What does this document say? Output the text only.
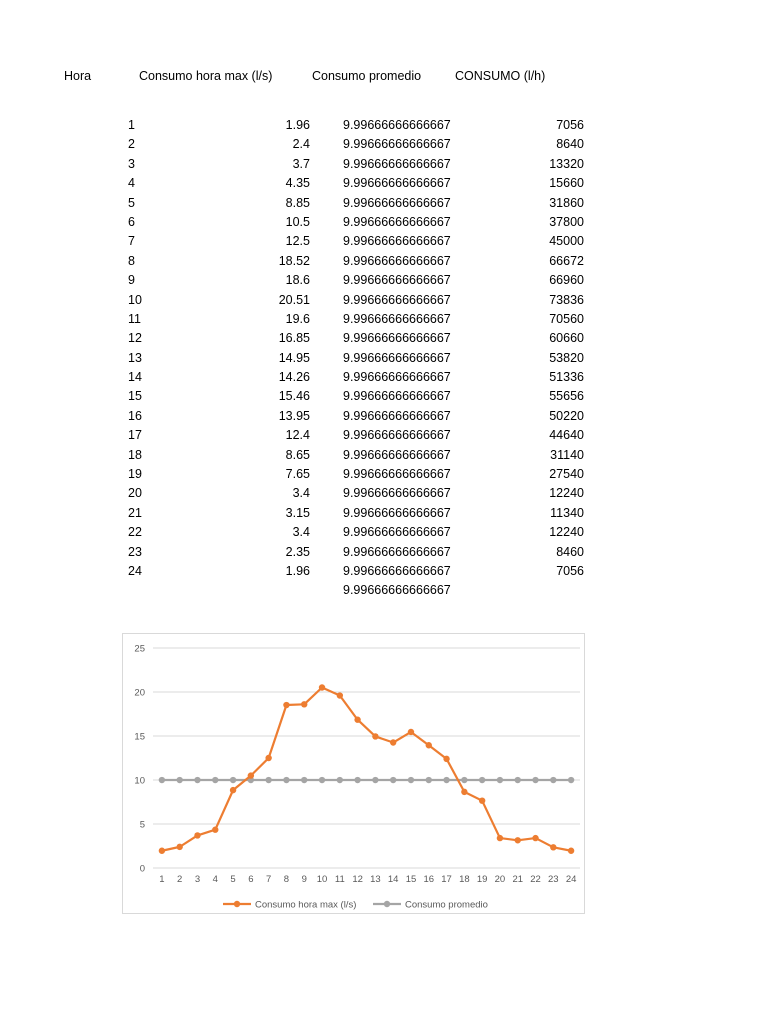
Hora	Consumo hora max (l/s)	Consumo promedio	CONSUMO (l/h)
1	1.96	9.99666666666667	7056
2	2.4	9.99666666666667	8640
3	3.7	9.99666666666667	13320
4	4.35	9.99666666666667	15660
5	8.85	9.99666666666667	31860
6	10.5	9.99666666666667	37800
7	12.5	9.99666666666667	45000
8	18.52	9.99666666666667	66672
9	18.6	9.99666666666667	66960
10	20.51	9.99666666666667	73836
11	19.6	9.99666666666667	70560
12	16.85	9.99666666666667	60660
13	14.95	9.99666666666667	53820
14	14.26	9.99666666666667	51336
15	15.46	9.99666666666667	55656
16	13.95	9.99666666666667	50220
17	12.4	9.99666666666667	44640
18	8.65	9.99666666666667	31140
19	7.65	9.99666666666667	27540
20	3.4	9.99666666666667	12240
21	3.15	9.99666666666667	11340
22	3.4	9.99666666666667	12240
23	2.35	9.99666666666667	8460
24	1.96	9.99666666666667	7056
9.99666666666667
0
5
10
15
20
25
1 2 3 4 5 6 7 8 9 10 11 12 13 14 15 16 17 18 19 20 21 22 23 24
Consumo hora max (l/s)	Consumo promedio
